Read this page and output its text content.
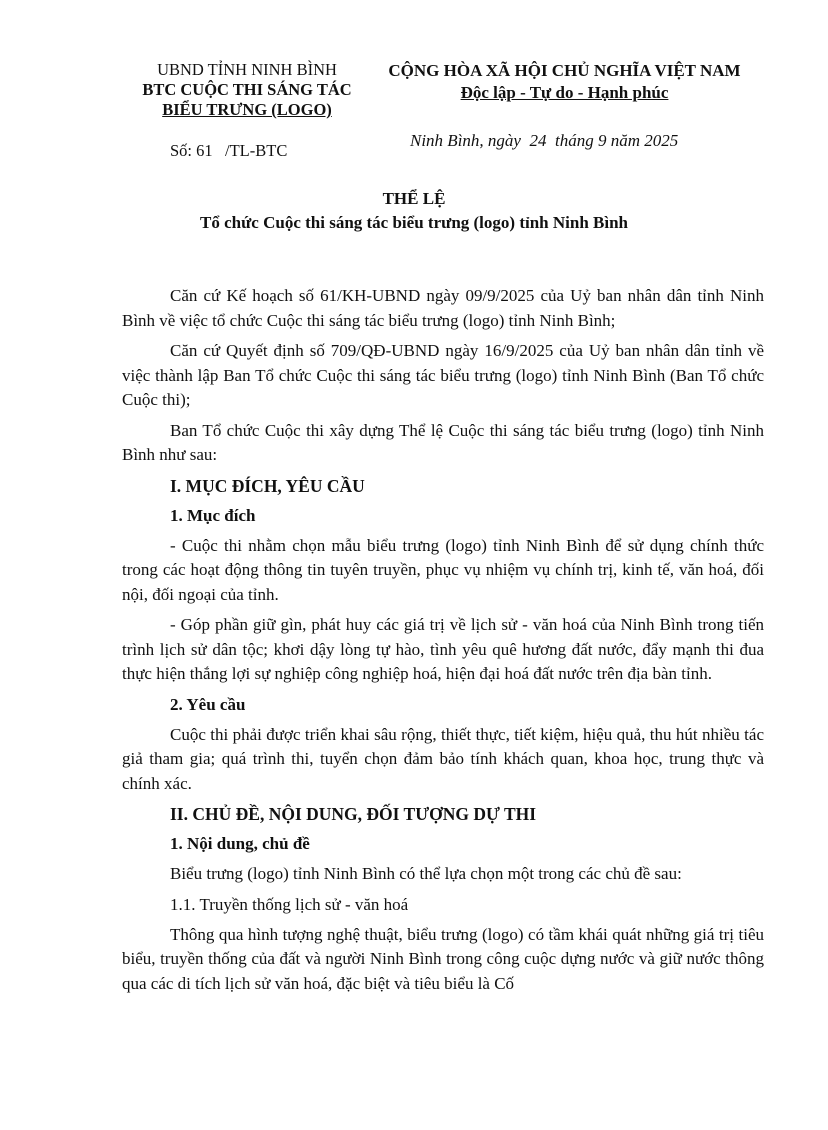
UBND TỈNH NINH BÌNH
BTC CUỘC THI SÁNG TÁC
BIỂU TRƯNG (LOGO)
Số: 61   /TL-BTC
CỘNG HÒA XÃ HỘI CHỦ NGHĨA VIỆT NAM
Độc lập - Tự do - Hạnh phúc
Ninh Bình, ngày  24  tháng 9 năm 2025
THỂ LỆ
Tổ chức Cuộc thi sáng tác biểu trưng (logo) tỉnh Ninh Bình

Căn cứ Kế hoạch số 61/KH-UBND ngày 09/9/2025 của Uỷ ban nhân dân tỉnh Ninh Bình về việc tổ chức Cuộc thi sáng tác biểu trưng (logo) tỉnh Ninh Bình;

Căn cứ Quyết định số 709/QĐ-UBND ngày 16/9/2025 của Uỷ ban nhân dân tỉnh về việc thành lập Ban Tổ chức Cuộc thi sáng tác biểu trưng (logo) tỉnh Ninh Bình (Ban Tổ chức Cuộc thi);

Ban Tổ chức Cuộc thi xây dựng Thể lệ Cuộc thi sáng tác biểu trưng (logo) tỉnh Ninh Bình như sau:

I. MỤC ĐÍCH, YÊU CẦU
1. Mục đích

- Cuộc thi nhằm chọn mẫu biểu trưng (logo) tỉnh Ninh Bình để sử dụng chính thức trong các hoạt động thông tin tuyên truyền, phục vụ nhiệm vụ chính trị, kinh tế, văn hoá, đối nội, đối ngoại của tỉnh.

- Góp phần giữ gìn, phát huy các giá trị về lịch sử - văn hoá của Ninh Bình trong tiến trình lịch sử dân tộc; khơi dậy lòng tự hào, tình yêu quê hương đất nước, đẩy mạnh thi đua thực hiện thắng lợi sự nghiệp công nghiệp hoá, hiện đại hoá đất nước trên địa bàn tỉnh.

2. Yêu cầu

Cuộc thi phải được triển khai sâu rộng, thiết thực, tiết kiệm, hiệu quả, thu hút nhiều tác giả tham gia; quá trình thi, tuyển chọn đảm bảo tính khách quan, khoa học, trung thực và chính xác.

II. CHỦ ĐỀ, NỘI DUNG, ĐỐI TƯỢNG DỰ THI
1. Nội dung, chủ đề

Biểu trưng (logo) tỉnh Ninh Bình có thể lựa chọn một trong các chủ đề sau:

1.1. Truyền thống lịch sử - văn hoá

Thông qua hình tượng nghệ thuật, biểu trưng (logo) có tầm khái quát những giá trị tiêu biểu, truyền thống của đất và người Ninh Bình trong công cuộc dựng nước và giữ nước thông qua các di tích lịch sử văn hoá, đặc biệt và tiêu biểu là Cố
